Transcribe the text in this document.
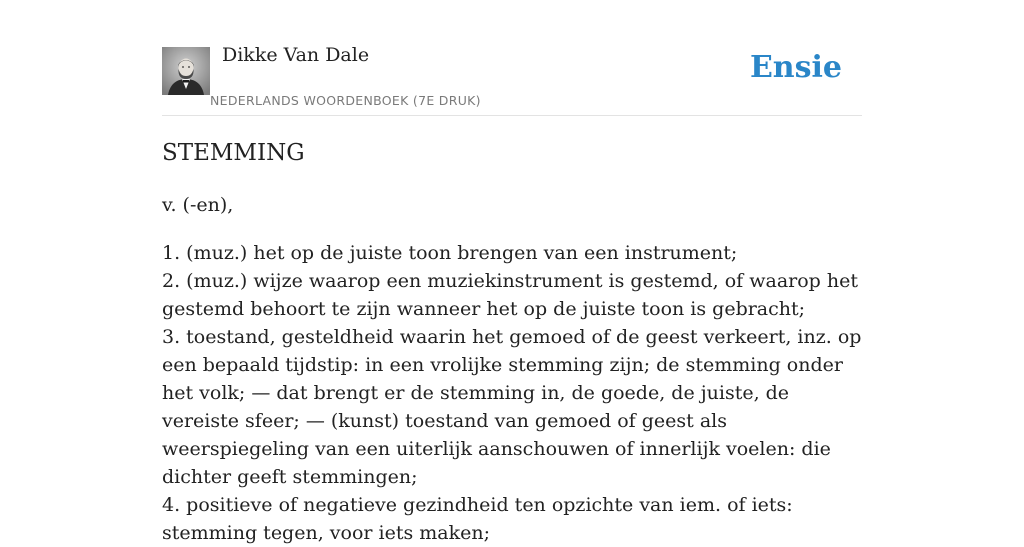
Dikke Van Dale
NEDERLANDS WOORDENBOEK (7E DRUK)
Ensie
STEMMING
v. (-en),

1. (muz.) het op de juiste toon brengen van een instrument;

2. (muz.) wijze waarop een muziekinstrument is gestemd, of waarop het gestemd behoort te zijn wanneer het op de juiste toon is gebracht;

3. toestand, gesteldheid waarin het gemoed of de geest verkeert, inz. op een bepaald tijdstip: in een vrolijke stemming zijn; de stemming onder het volk; — dat brengt er de stemming in, de goede, de juiste, de vereiste sfeer; — (kunst) toestand van gemoed of geest als weerspiegeling van een uiterlijk aanschouwen of innerlijk voelen: die dichter geeft stemmingen;

4. positieve of negatieve gezindheid ten opzichte van iem. of iets: stemming tegen, voor iets maken;
